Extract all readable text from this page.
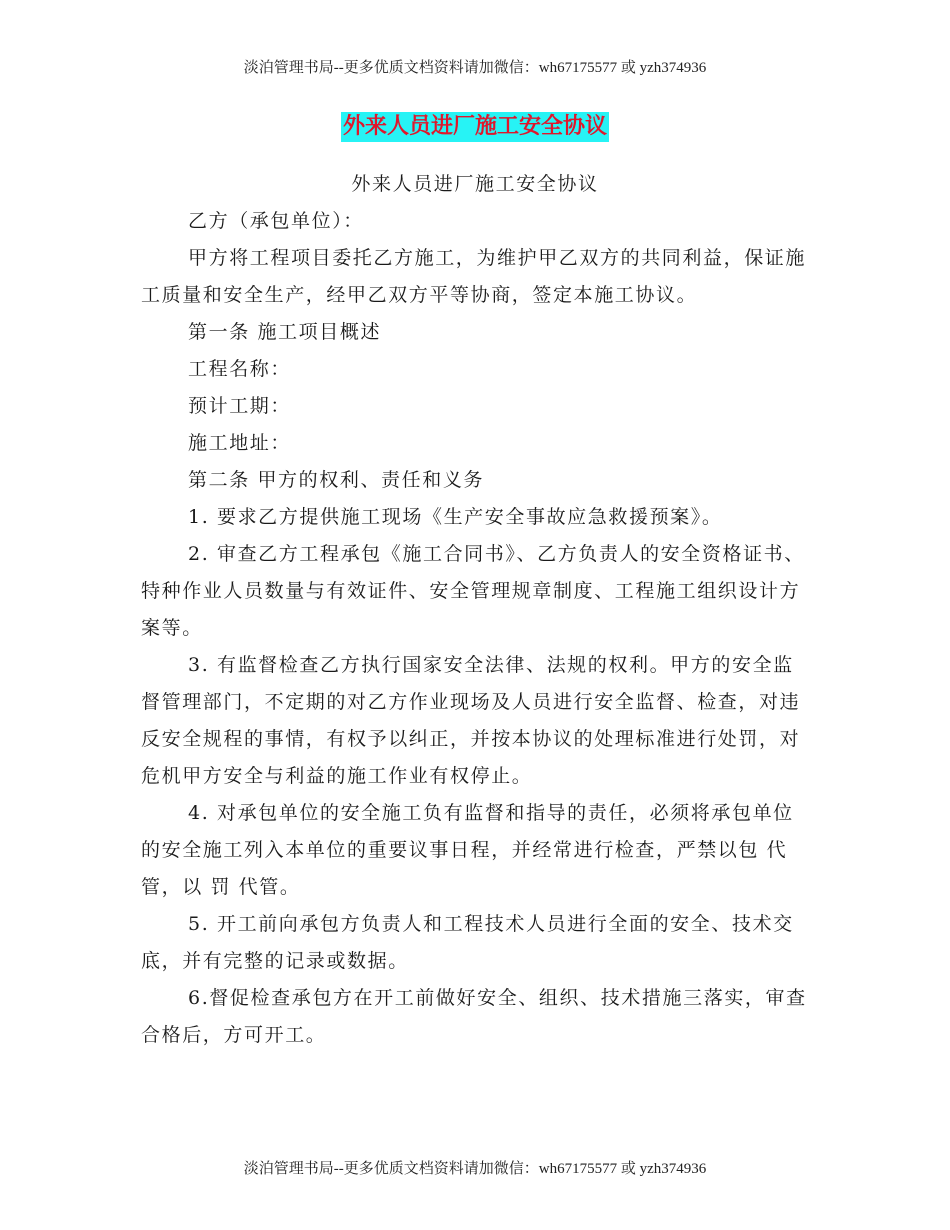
淡泊管理书局--更多优质文档资料请加微信：wh67175577 或 yzh374936
外来人员进厂施工安全协议

外来人员进厂施工安全协议

乙方（承包单位）：

甲方将工程项目委托乙方施工，为维护甲乙双方的共同利益，保证施工质量和安全生产，经甲乙双方平等协商，签定本施工协议。

第一条 施工项目概述

工程名称：

预计工期：

施工地址：

第二条 甲方的权利、责任和义务

1. 要求乙方提供施工现场《生产安全事故应急救援预案》。

2. 审查乙方工程承包《施工合同书》、乙方负责人的安全资格证书、特种作业人员数量与有效证件、安全管理规章制度、工程施工组织设计方案等。

3. 有监督检查乙方执行国家安全法律、法规的权利。甲方的安全监督管理部门，不定期的对乙方作业现场及人员进行安全监督、检查，对违反安全规程的事情，有权予以纠正，并按本协议的处理标准进行处罚，对危机甲方安全与利益的施工作业有权停止。

4. 对承包单位的安全施工负有监督和指导的责任，必须将承包单位的安全施工列入本单位的重要议事日程，并经常进行检查，严禁以包 代管，以 罚 代管。

5. 开工前向承包方负责人和工程技术人员进行全面的安全、技术交底，并有完整的记录或数据。

6.督促检查承包方在开工前做好安全、组织、技术措施三落实，审查合格后，方可开工。

淡泊管理书局--更多优质文档资料请加微信：wh67175577 或 yzh374936
